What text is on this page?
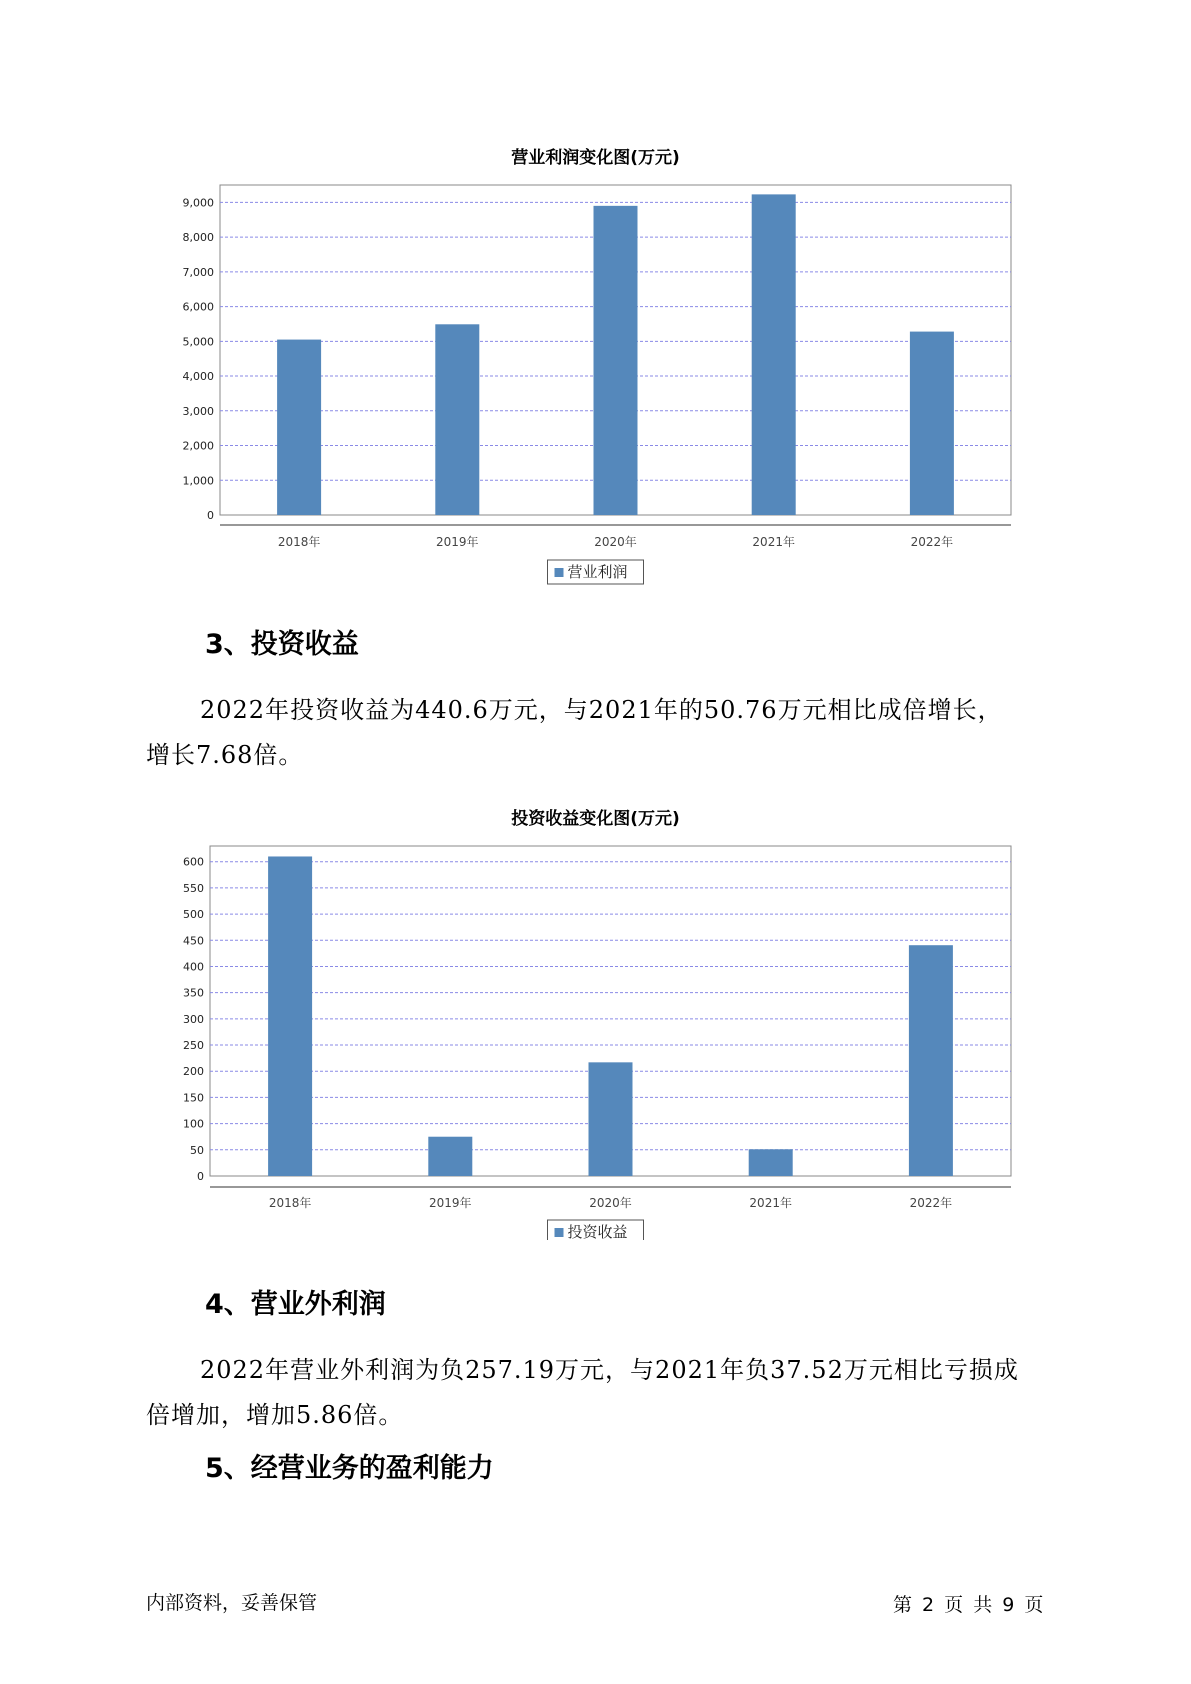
营业利润变化图(万元)
0
1,000
2,000
3,000
4,000
5,000
6,000
7,000
8,000
9,000
2018年	2019年	2020年	2021年	2022年
营业利润
3、投资收益
2022年投资收益为440.6万元，与2021年的50.76万元相比成倍增长，
增长7.68倍。
投资收益变化图(万元)
0
50
100
150
200
250
300
350
400
450
500
550
600
2018年	2019年	2020年	2021年	2022年
投资收益
4、营业外利润
2022年营业外利润为负257.19万元，与2021年负37.52万元相比亏损成
倍增加，增加5.86倍。
5、经营业务的盈利能力
内部资料，妥善保管	第 2 页 共 9 页
